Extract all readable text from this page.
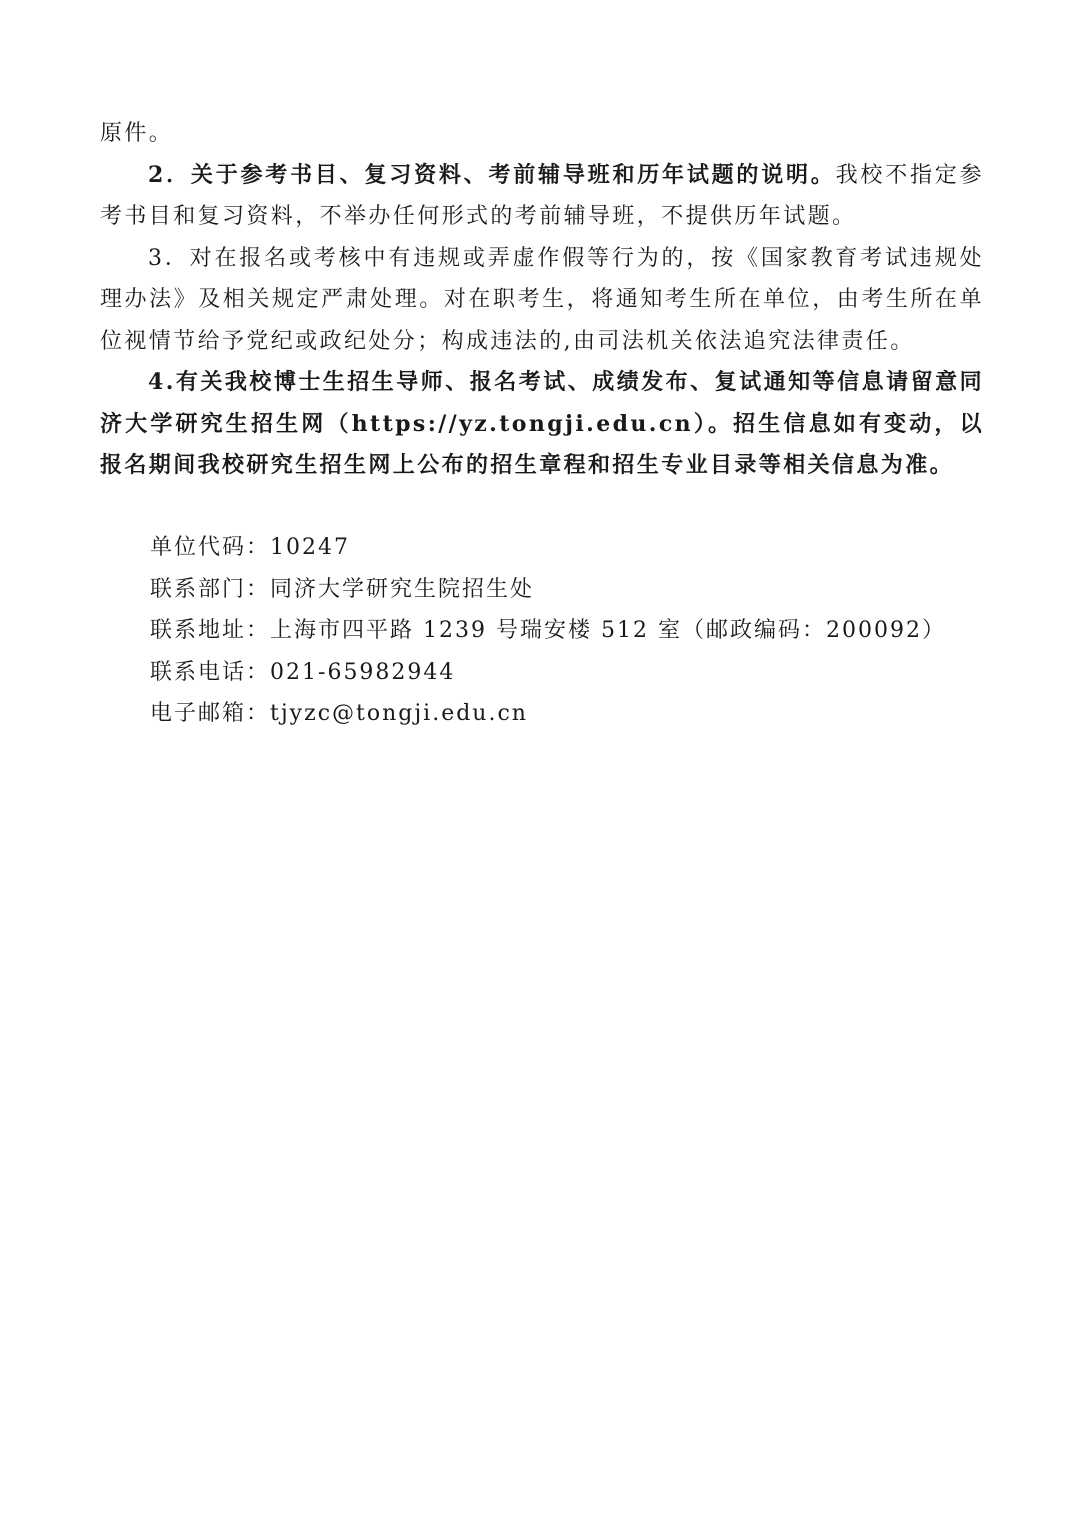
原件。

2．关于参考书目、复习资料、考前辅导班和历年试题的说明。我校不指定参考书目和复习资料，不举办任何形式的考前辅导班，不提供历年试题。

3．对在报名或考核中有违规或弄虚作假等行为的，按《国家教育考试违规处理办法》及相关规定严肃处理。对在职考生，将通知考生所在单位，由考生所在单位视情节给予党纪或政纪处分；构成违法的,由司法机关依法追究法律责任。

4.有关我校博士生招生导师、报名考试、成绩发布、复试通知等信息请留意同济大学研究生招生网（https://yz.tongji.edu.cn）。招生信息如有变动，以报名期间我校研究生招生网上公布的招生章程和招生专业目录等相关信息为准。

单位代码：10247
联系部门：同济大学研究生院招生处
联系地址：上海市四平路 1239 号瑞安楼 512 室（邮政编码：200092）
联系电话：021-65982944
电子邮箱：tjyzc@tongji.edu.cn
